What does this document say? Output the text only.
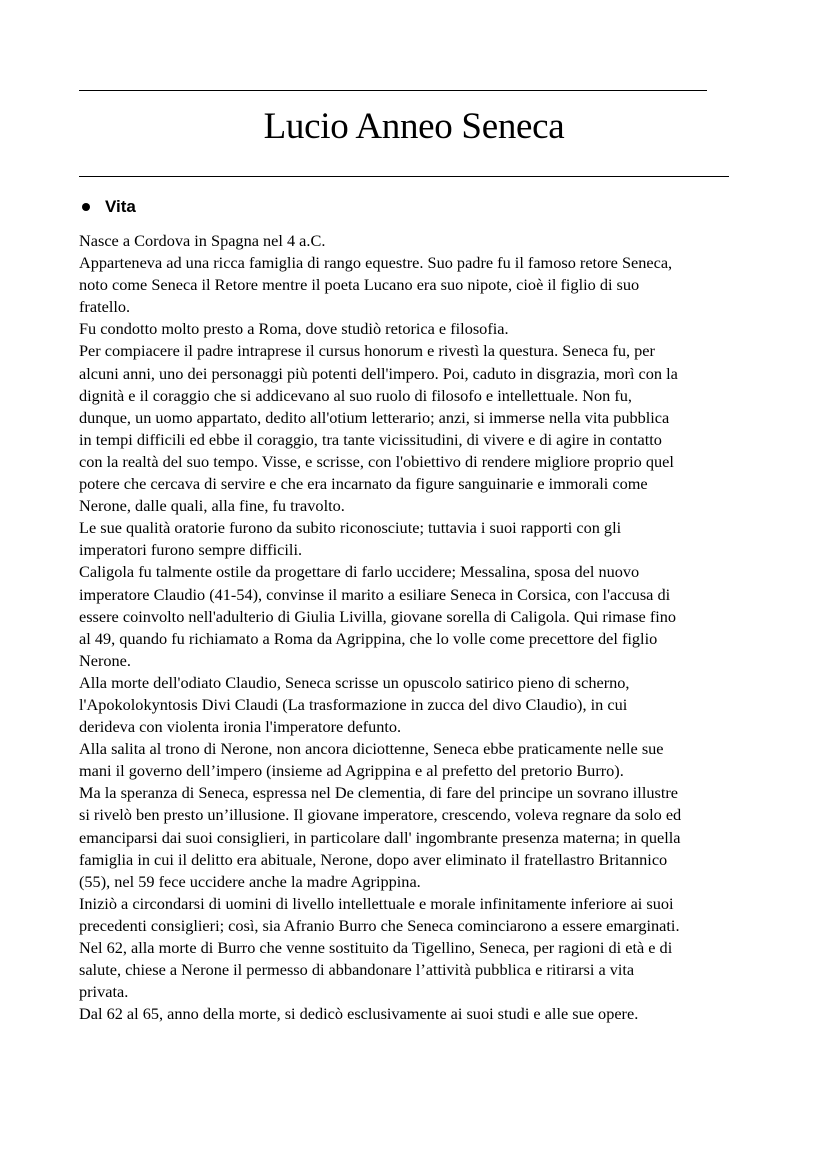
Lucio Anneo Seneca
Vita
Nasce a Cordova in Spagna nel 4 a.C.
Apparteneva ad una ricca famiglia di rango equestre. Suo padre fu il famoso retore Seneca,
noto come Seneca il Retore mentre il poeta Lucano era suo nipote, cioè il figlio di suo
fratello.
Fu condotto molto presto a Roma, dove studiò retorica e filosofia.
Per compiacere il padre intraprese il cursus honorum e rivestì la questura. Seneca fu, per
alcuni anni, uno dei personaggi più potenti dell'impero. Poi, caduto in disgrazia, morì con la
dignità e il coraggio che si addicevano al suo ruolo di filosofo e intellettuale. Non fu,
dunque, un uomo appartato, dedito all'otium letterario; anzi, si immerse nella vita pubblica
in tempi difficili ed ebbe il coraggio, tra tante vicissitudini, di vivere e di agire in contatto
con la realtà del suo tempo. Visse, e scrisse, con l'obiettivo di rendere migliore proprio quel
potere che cercava di servire e che era incarnato da figure sanguinarie e immorali come
Nerone, dalle quali, alla fine, fu travolto.
Le sue qualità oratorie furono da subito riconosciute; tuttavia i suoi rapporti con gli
imperatori furono sempre difficili.
Caligola fu talmente ostile da progettare di farlo uccidere; Messalina, sposa del nuovo
imperatore Claudio (41-54), convinse il marito a esiliare Seneca in Corsica, con l'accusa di
essere coinvolto nell'adulterio di Giulia Livilla, giovane sorella di Caligola. Qui rimase fino
al 49, quando fu richiamato a Roma da Agrippina, che lo volle come precettore del figlio
Nerone.
Alla morte dell'odiato Claudio, Seneca scrisse un opuscolo satirico pieno di scherno,
l'Apokolokyntosis Divi Claudi (La trasformazione in zucca del divo Claudio), in cui
derideva con violenta ironia l'imperatore defunto.
Alla salita al trono di Nerone, non ancora diciottenne, Seneca ebbe praticamente nelle sue
mani il governo dell’impero (insieme ad Agrippina e al prefetto del pretorio Burro).
Ma la speranza di Seneca, espressa nel De clementia, di fare del principe un sovrano illustre
si rivelò ben presto un’illusione. Il giovane imperatore, crescendo, voleva regnare da solo ed
emanciparsi dai suoi consiglieri, in particolare dall' ingombrante presenza materna; in quella
famiglia in cui il delitto era abituale, Nerone, dopo aver eliminato il fratellastro Britannico
(55), nel 59 fece uccidere anche la madre Agrippina.
Iniziò a circondarsi di uomini di livello intellettuale e morale infinitamente inferiore ai suoi
precedenti consiglieri; così, sia Afranio Burro che Seneca cominciarono a essere emarginati.
Nel 62, alla morte di Burro che venne sostituito da Tigellino, Seneca, per ragioni di età e di
salute, chiese a Nerone il permesso di abbandonare l’attività pubblica e ritirarsi a vita
privata.
Dal 62 al 65, anno della morte, si dedicò esclusivamente ai suoi studi e alle sue opere.
